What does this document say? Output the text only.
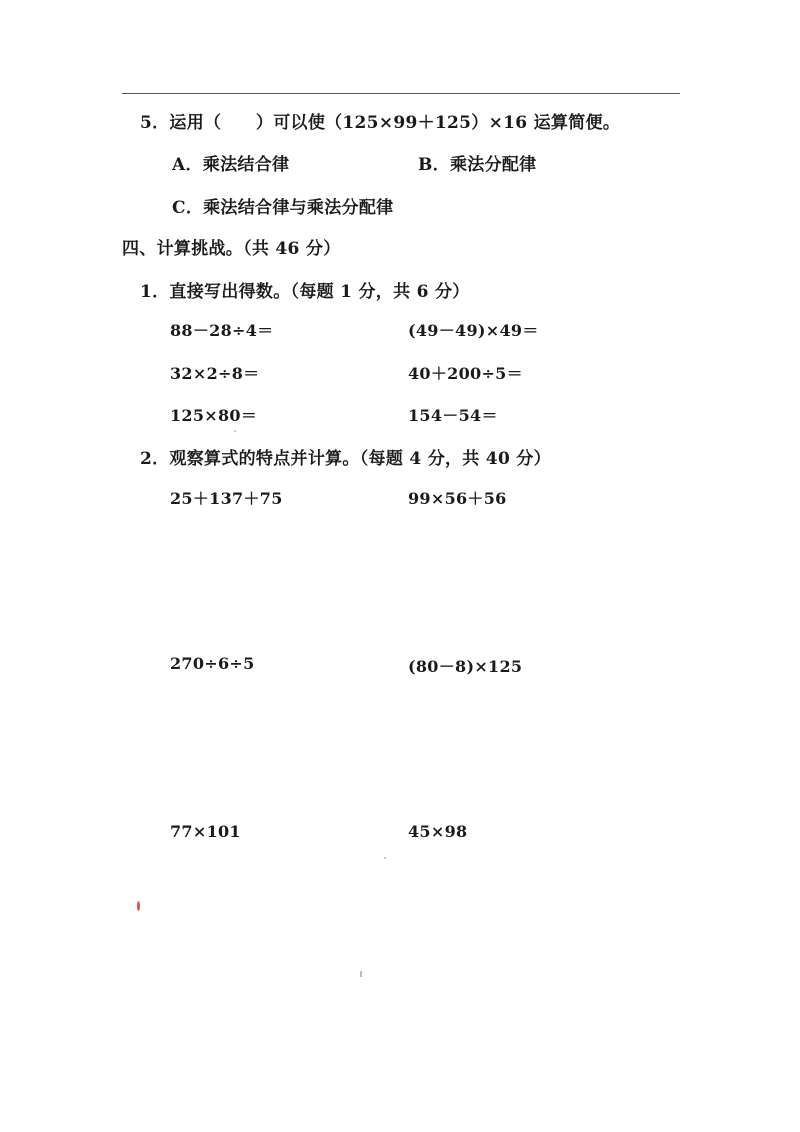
5．运用（　　）可以使（125×99＋125）×16 运算简便。
A．乘法结合律	B．乘法分配律
C．乘法结合律与乘法分配律
四、计算挑战。（共 46 分）
1．直接写出得数。（每题 1 分，共 6 分）
88－28÷4＝	(49－49)×49＝
32×2÷8＝	40＋200÷5＝
125×80＝	154－54＝
2．观察算式的特点并计算。（每题 4 分，共 40 分）
25＋137＋75	99×56＋56
270÷6÷5	(80－8)×125
77×101	45×98
